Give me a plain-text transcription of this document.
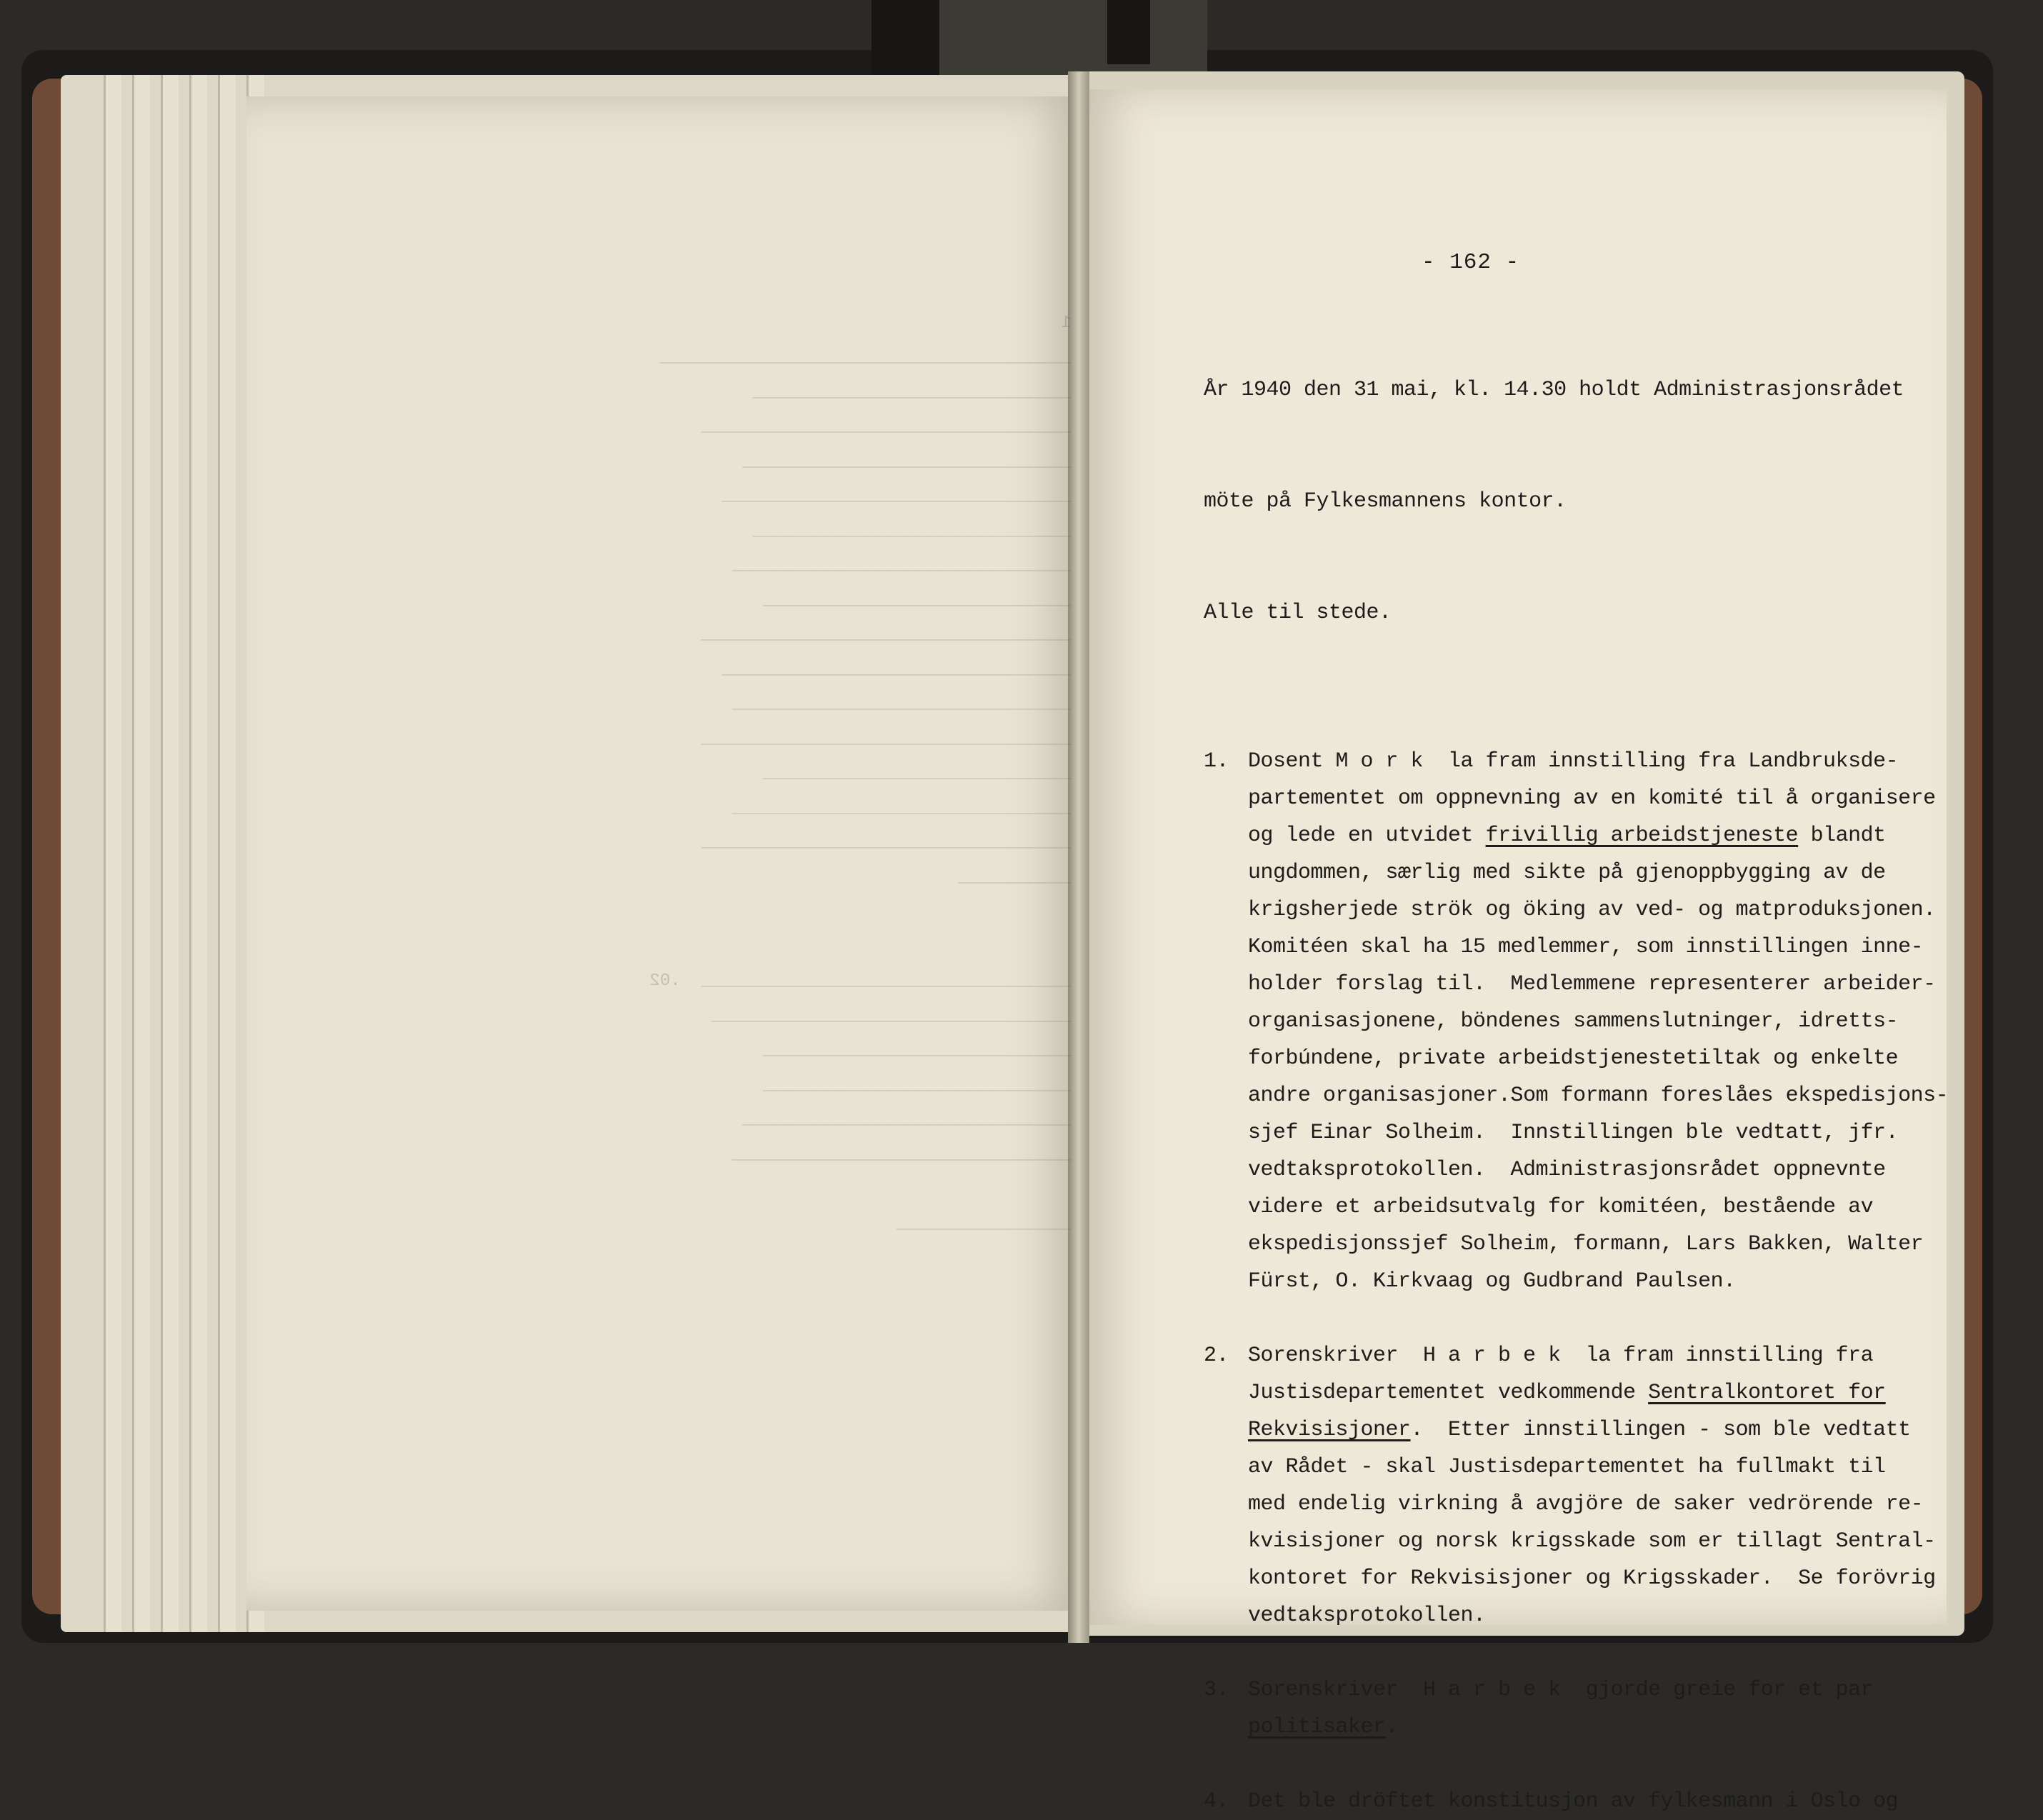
1
________________________________________
_______________________________
____________________________________
________________________________
__________________________________
_______________________________
_________________________________
______________________________
____________________________________
__________________________________
_________________________________
____________________________________
______________________________
_________________________________
____________________________________
___________

____________________________________  .02
___________________________________
______________________________
______________________________
________________________________
_________________________________

_________________

- 162 -

År 1940 den 31 mai, kl. 14.30 holdt Administrasjonsrådet

möte på Fylkesmannens kontor.

Alle til stede.

1. Dosent M o r k  la fram innstilling fra Landbruksde-
partementet om oppnevning av en komité til å organisere
og lede en utvidet frivillig arbeidstjeneste blandt
ungdommen, særlig med sikte på gjenoppbygging av de
krigsherjede strök og öking av ved- og matproduksjonen.
Komitéen skal ha 15 medlemmer, som innstillingen inne-
holder forslag til.  Medlemmene representerer arbeider-
organisasjonene, böndenes sammenslutninger, idretts-
forbúndene, private arbeidstjenestetiltak og enkelte
andre organisasjoner.Som formann foreslåes ekspedisjons-
sjef Einar Solheim.  Innstillingen ble vedtatt, jfr.
vedtaksprotokollen.  Administrasjonsrådet oppnevnte
videre et arbeidsutvalg for komitéen, bestående av
ekspedisjonssjef Solheim, formann, Lars Bakken, Walter
Fürst, O. Kirkvaag og Gudbrand Paulsen.
2. Sorenskriver  H a r b e k  la fram innstilling fra
Justisdepartementet vedkommende Sentralkontoret for
Rekvisisjoner.  Etter innstillingen - som ble vedtatt
av Rådet - skal Justisdepartementet ha fullmakt til
med endelig virkning å avgjöre de saker vedrörende re-
kvisisjoner og norsk krigsskade som er tillagt Sentral-
kontoret for Rekvisisjoner og Krigsskader.  Se forövrig
vedtaksprotokollen.
3. Sorenskriver  H a r b e k  gjorde greie for et par
politisaker.
4. Det ble dröftet konstitusjon av fylkesmann i Oslo og
